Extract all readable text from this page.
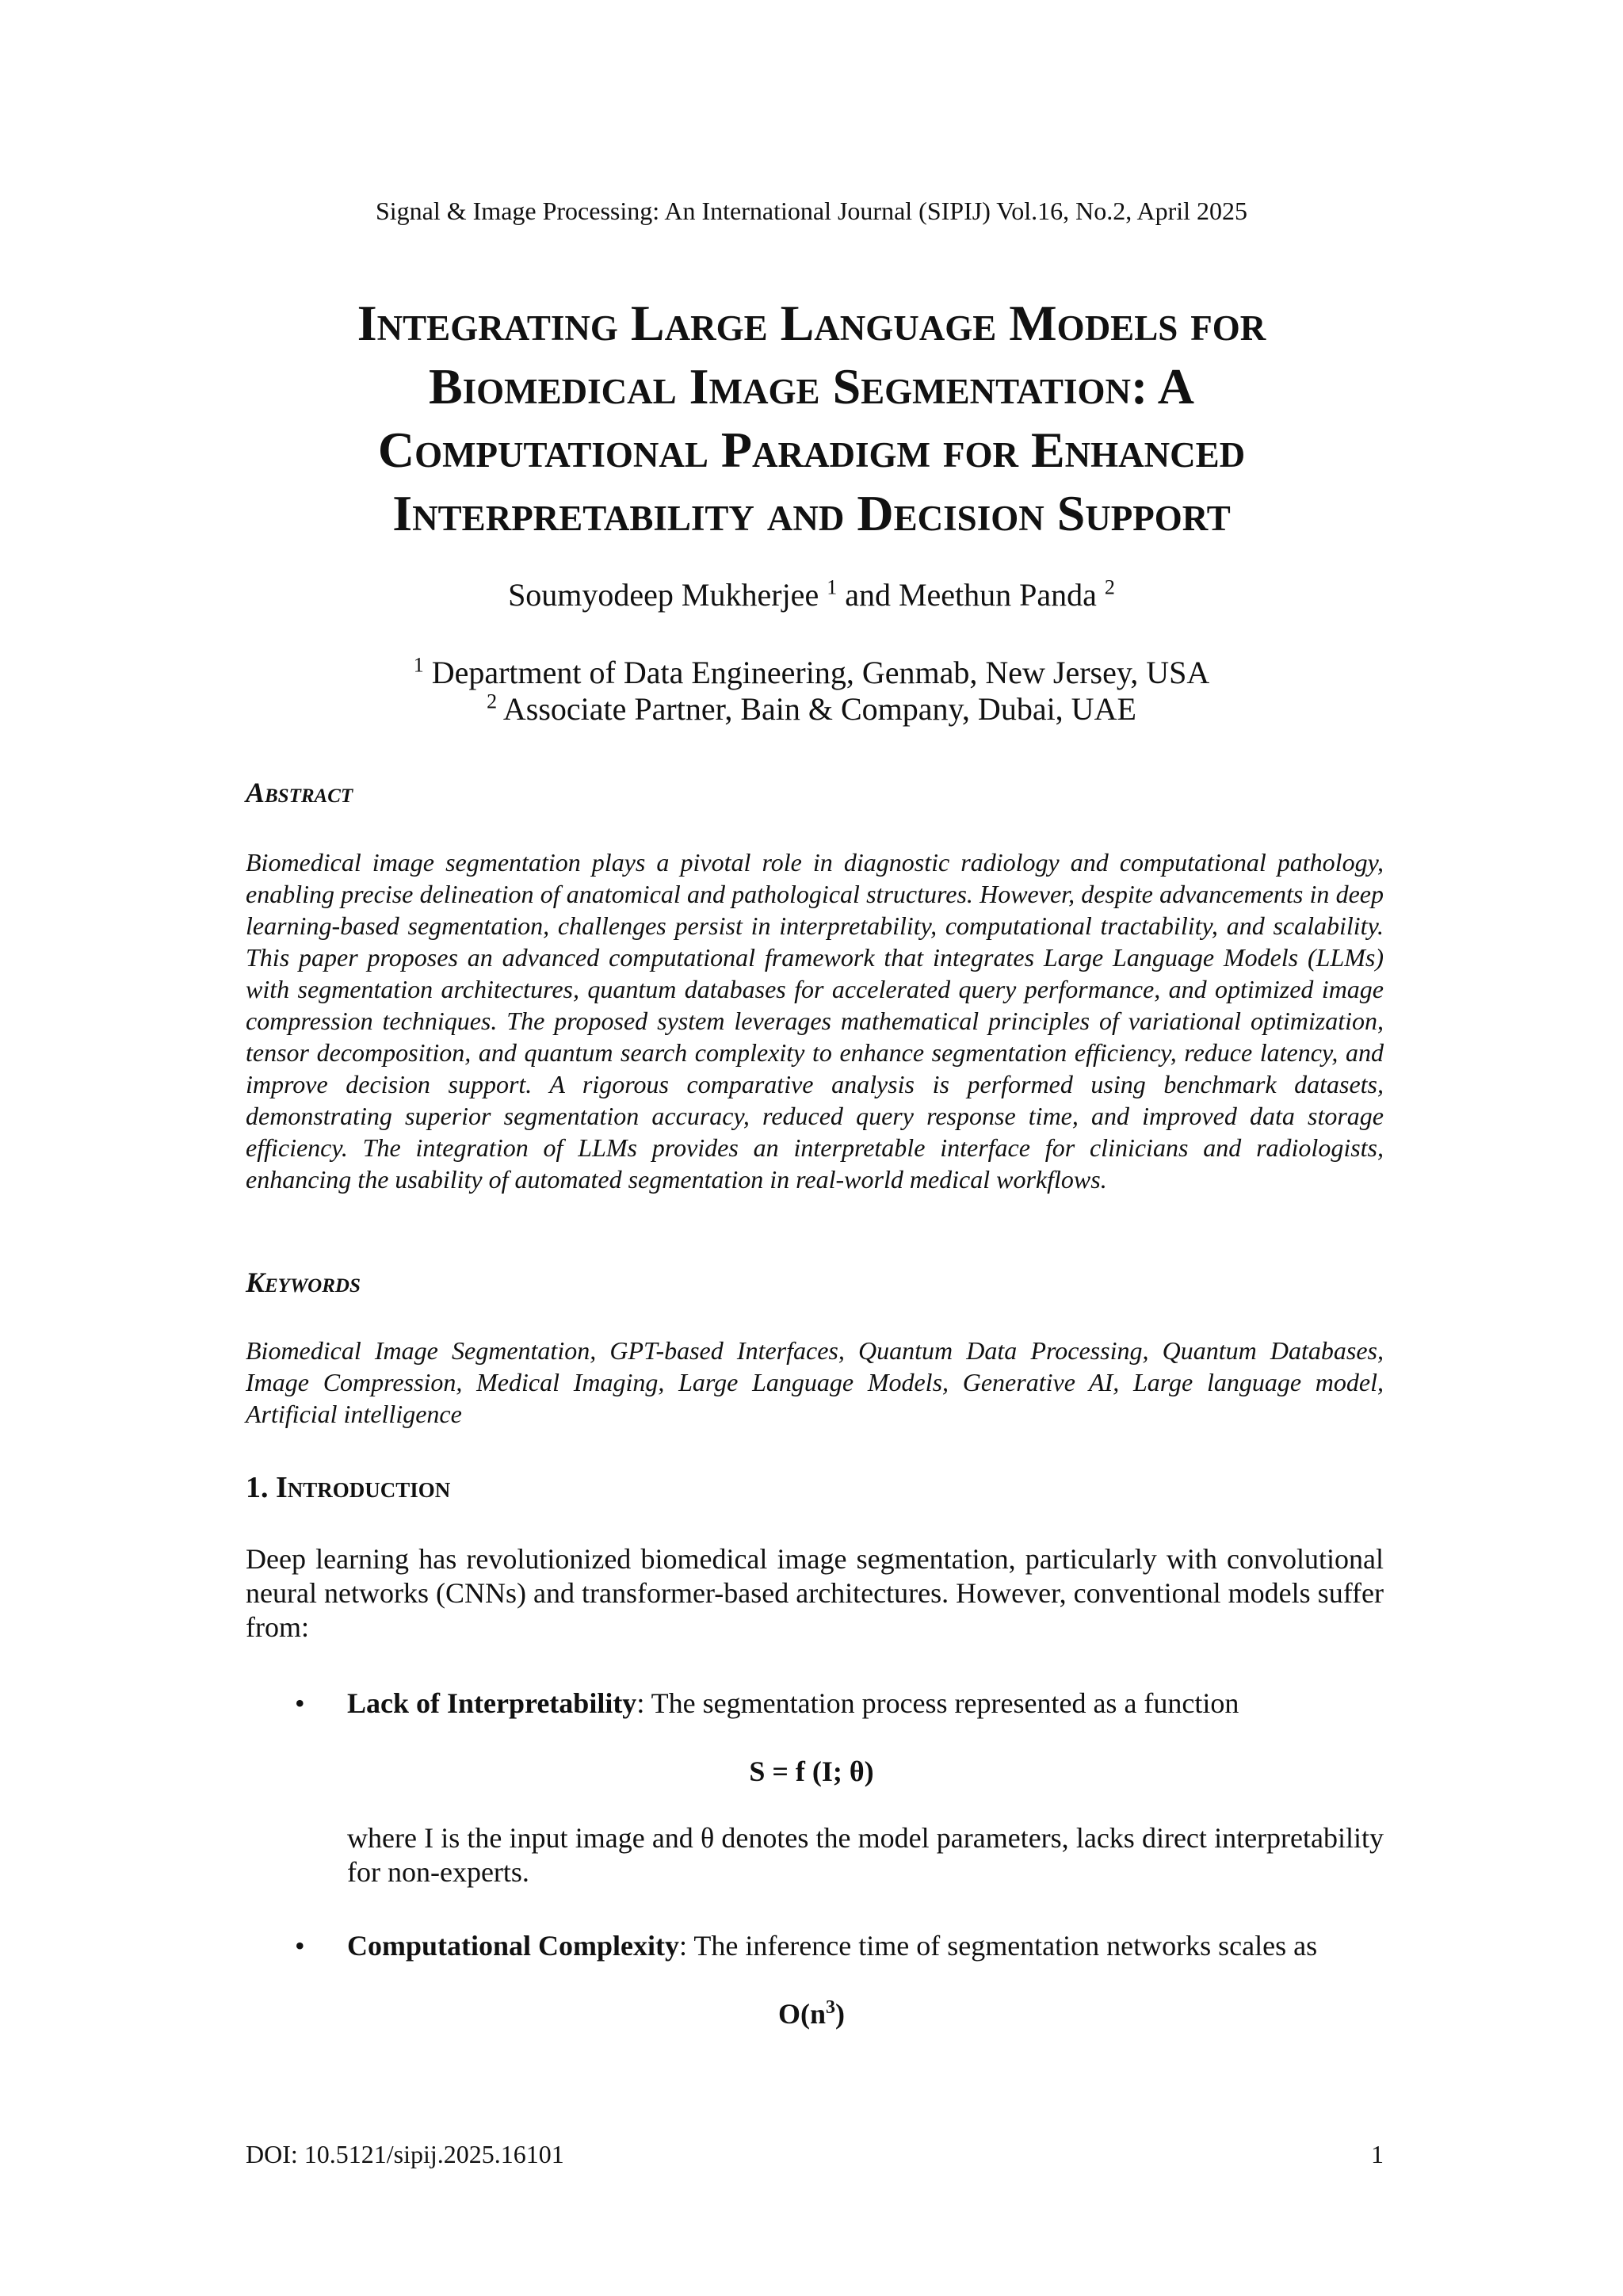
Signal & Image Processing: An International Journal (SIPIJ) Vol.16, No.2, April 2025
Integrating Large Language Models for
Biomedical Image Segmentation: A
Computational Paradigm for Enhanced
Interpretability and Decision Support
Soumyodeep Mukherjee $^1$ and Meethun Panda $^2$
$^1$ Department of Data Engineering, Genmab, New Jersey, USA
$^2$ Associate Partner, Bain & Company, Dubai, UAE
Abstract

Biomedical image segmentation plays a pivotal role in diagnostic radiology and computational pathology, enabling precise delineation of anatomical and pathological structures. However, despite advancements in deep learning-based segmentation, challenges persist in interpretability, computational tractability, and scalability. This paper proposes an advanced computational framework that integrates Large Language Models (LLMs) with segmentation architectures, quantum databases for accelerated query performance, and optimized image compression techniques. The proposed system leverages mathematical principles of variational optimization, tensor decomposition, and quantum search complexity to enhance segmentation efficiency, reduce latency, and improve decision support. A rigorous comparative analysis is performed using benchmark datasets, demonstrating superior segmentation accuracy, reduced query response time, and improved data storage efficiency. The integration of LLMs provides an interpretable interface for clinicians and radiologists, enhancing the usability of automated segmentation in real-world medical workflows.

Keywords

Biomedical Image Segmentation, GPT-based Interfaces, Quantum Data Processing, Quantum Databases, Image Compression, Medical Imaging, Large Language Models, Generative AI, Large language model, Artificial intelligence

1. Introduction

Deep learning has revolutionized biomedical image segmentation, particularly with convolutional neural networks (CNNs) and transformer-based architectures. However, conventional models suffer from:

• Lack of Interpretability: The segmentation process represented as a function
S = f (I; θ)

where I is the input image and θ denotes the model parameters, lacks direct interpretability for non-experts.

• Computational Complexity: The inference time of segmentation networks scales as
$O(n^3)$
DOI: 10.5121/sipij.2025.16101	1
